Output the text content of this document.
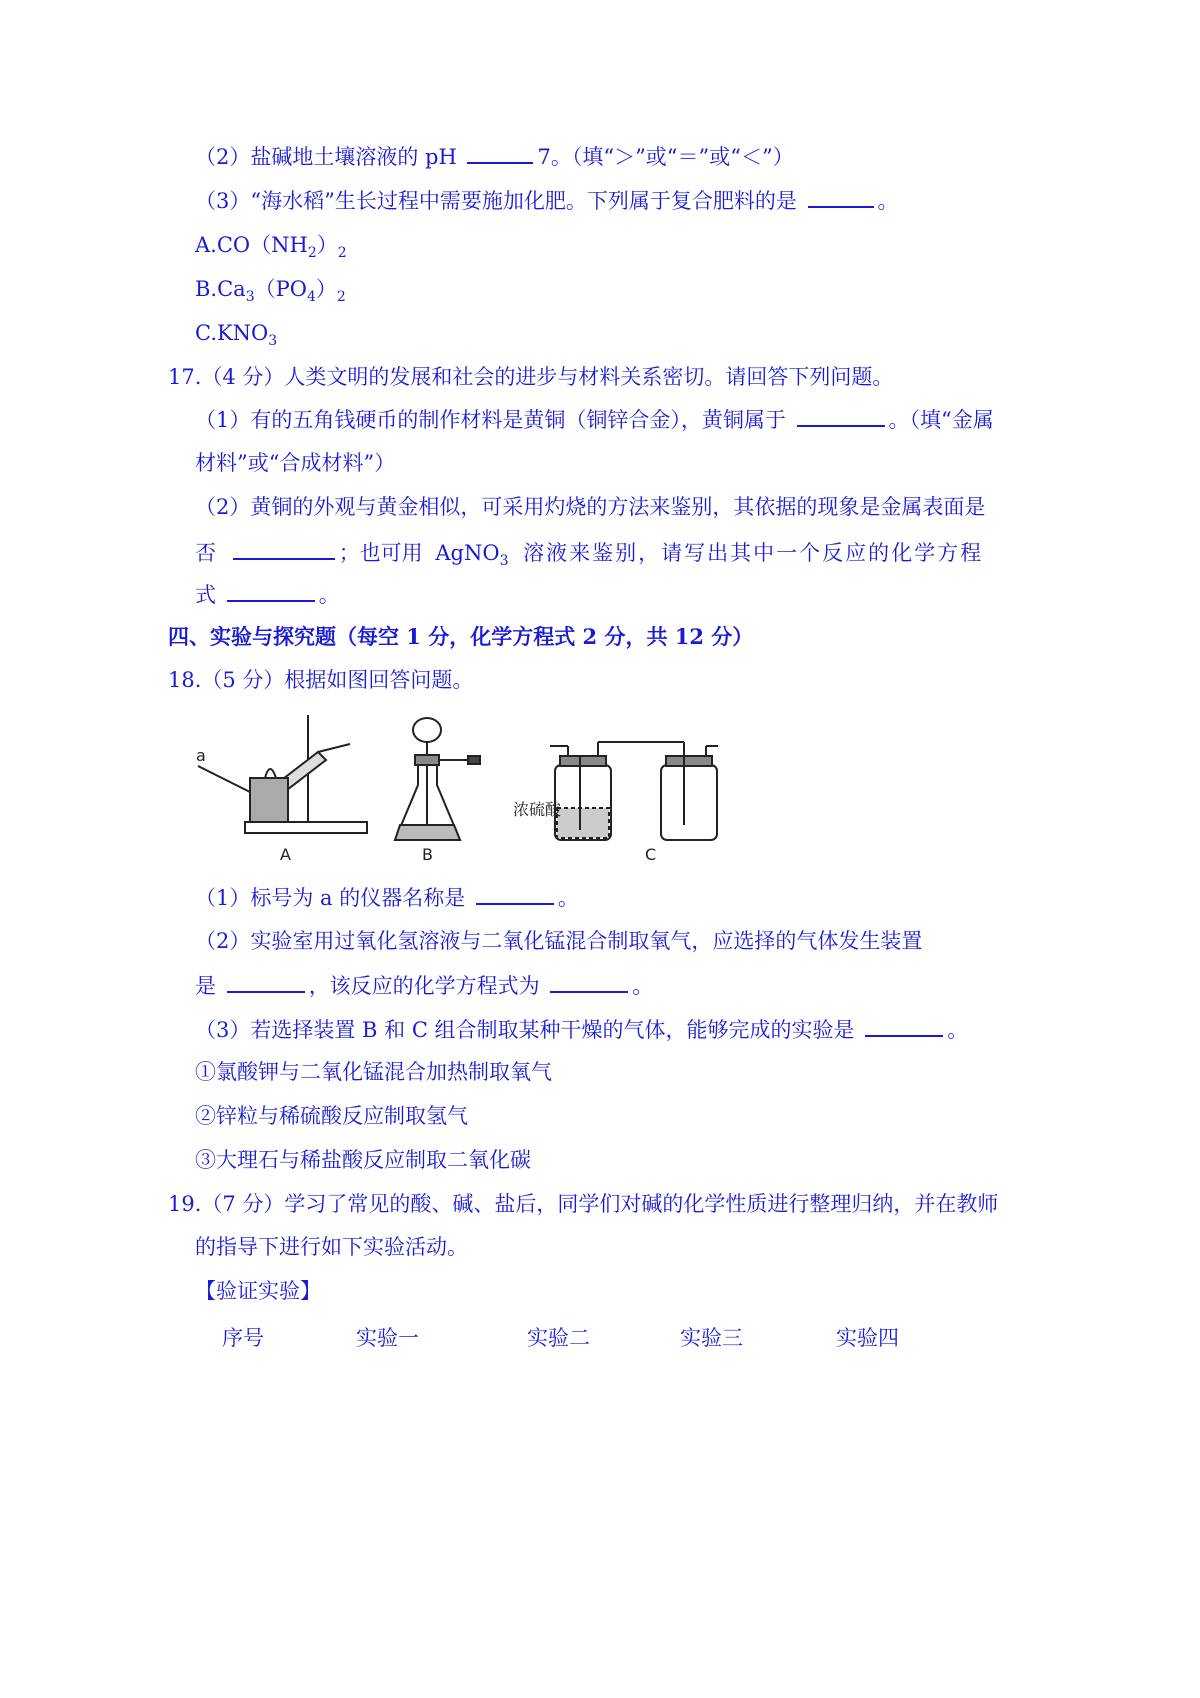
（2）盐碱地土壤溶液的 pH	7。（填“＞”或“＝”或“＜”）
（3）“海水稻”生长过程中需要施加化肥。下列属于复合肥料的是	。
$A.CO(NH_2)_2$
$B.Ca_3(PO_4)_2$
$C.KNO_3$
17.（4 分）人类文明的发展和社会的进步与材料关系密切。请回答下列问题。
（1）有的五角钱硬币的制作材料是黄铜（铜锌合金），黄铜属于	。（填“金属
材料”或“合成材料”）
（2）黄铜的外观与黄金相似，可采用灼烧的方法来鉴别，其依据的现象是金属表面是
否	；也可用 AgNO$_3$ 溶液来鉴别，请写出其中一个反应的化学方程
式	。
四、实验与探究题（每空 1 分，化学方程式 2 分，共 12 分）
18.（5 分）根据如图回答问题。
a
浓硫酸
A	B	C
（1）标号为 a 的仪器名称是	。
（2）实验室用过氧化氢溶液与二氧化锰混合制取氧气，应选择的气体发生装置
是	，该反应的化学方程式为	。
（3）若选择装置 B 和 C 组合制取某种干燥的气体，能够完成的实验是	。
①氯酸钾与二氧化锰混合加热制取氧气
②锌粒与稀硫酸反应制取氢气
③大理石与稀盐酸反应制取二氧化碳
19.（7 分）学习了常见的酸、碱、盐后，同学们对碱的化学性质进行整理归纳，并在教师
的指导下进行如下实验活动。
【验证实验】
序号	实验一	实验二	实验三	实验四
